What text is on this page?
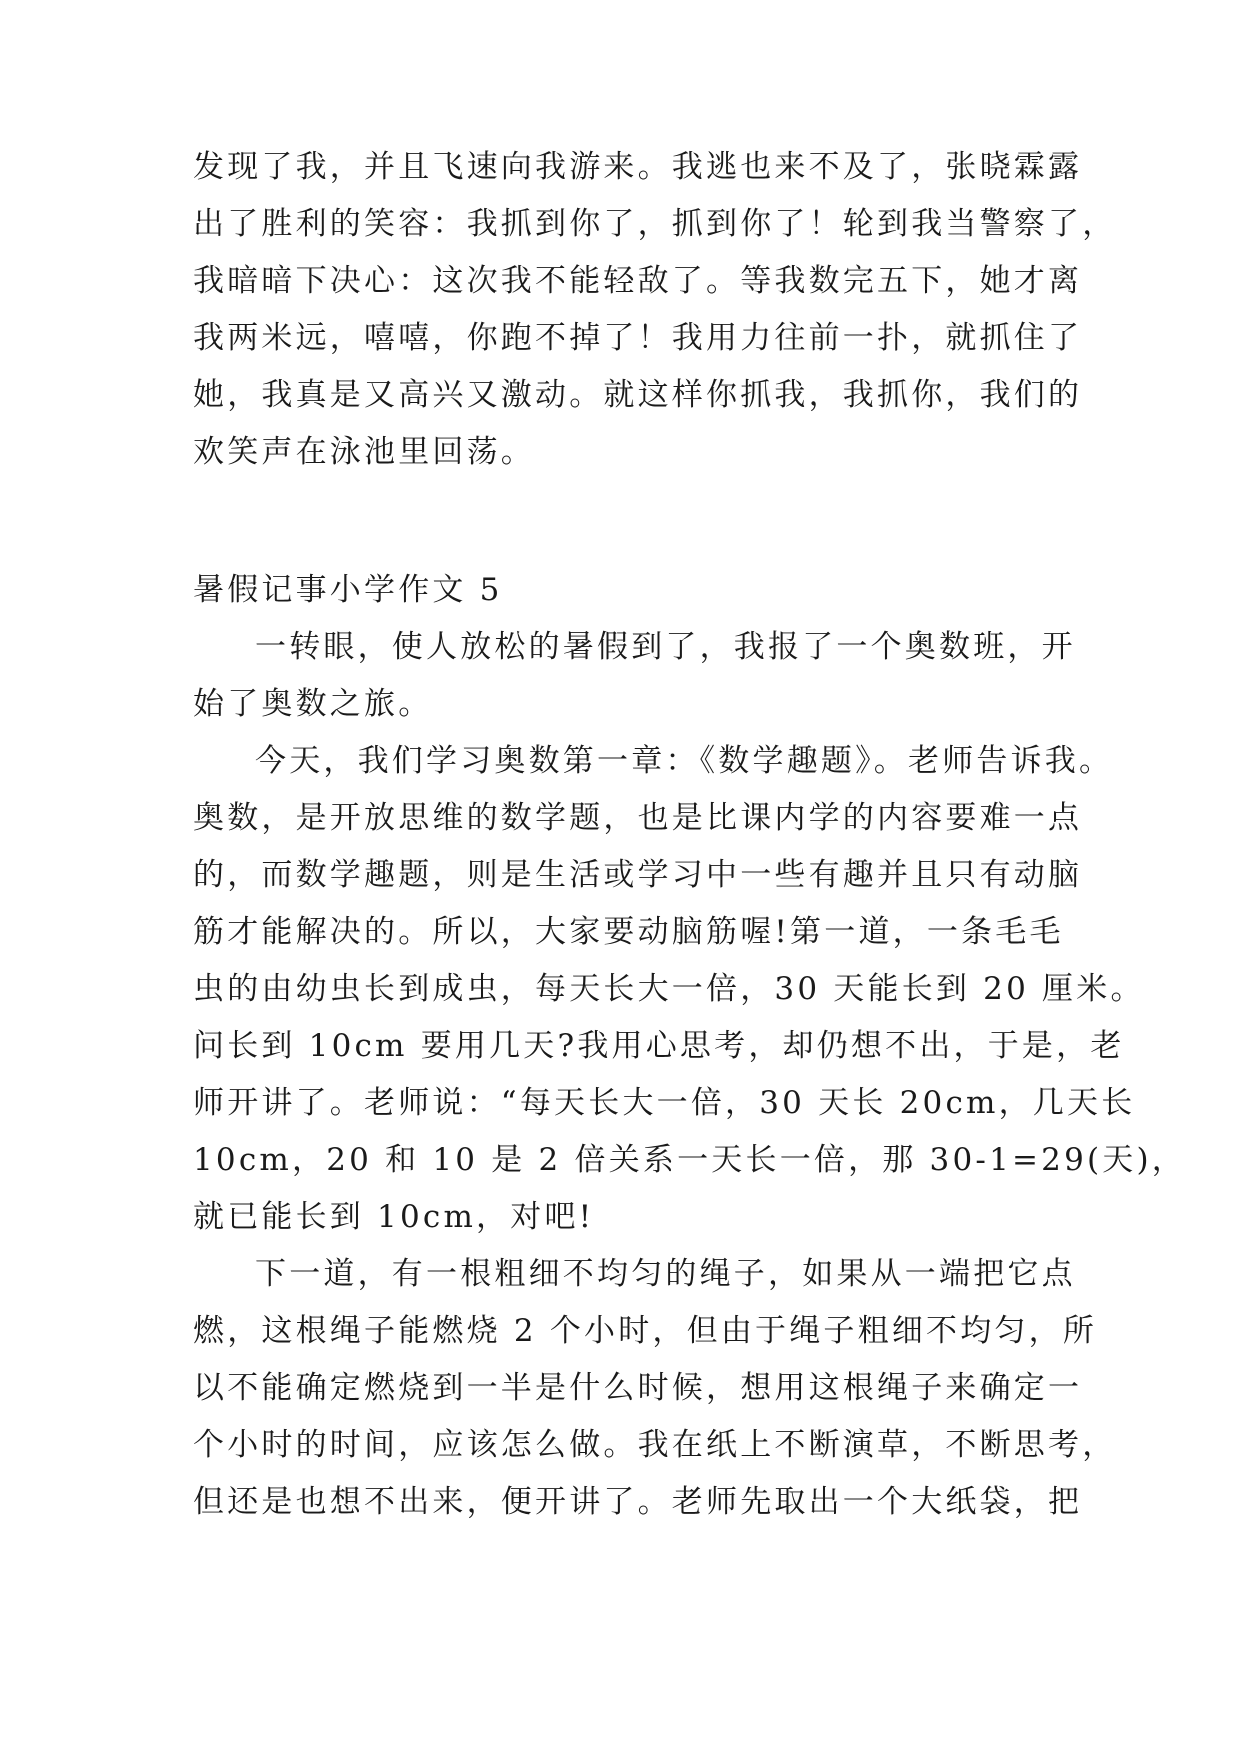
发现了我，并且飞速向我游来。我逃也来不及了，张晓霖露
出了胜利的笑容：我抓到你了，抓到你了！轮到我当警察了，
我暗暗下决心：这次我不能轻敌了。等我数完五下，她才离
我两米远，嘻嘻，你跑不掉了！我用力往前一扑，就抓住了
她，我真是又高兴又激动。就这样你抓我，我抓你，我们的
欢笑声在泳池里回荡。
暑假记事小学作文 5
一转眼，使人放松的暑假到了，我报了一个奥数班，开
始了奥数之旅。
今天，我们学习奥数第一章：《数学趣题》。老师告诉我。
奥数，是开放思维的数学题，也是比课内学的内容要难一点
的，而数学趣题，则是生活或学习中一些有趣并且只有动脑
筋才能解决的。所以，大家要动脑筋喔!第一道，一条毛毛
虫的由幼虫长到成虫，每天长大一倍，30 天能长到 20 厘米。
问长到 10cm 要用几天?我用心思考，却仍想不出，于是，老
师开讲了。老师说：“每天长大一倍，30 天长 20cm，几天长
10cm，20 和 10 是 2 倍关系一天长一倍，那 30-1=29(天)，
就已能长到 10cm，对吧!
下一道，有一根粗细不均匀的绳子，如果从一端把它点
燃，这根绳子能燃烧 2 个小时，但由于绳子粗细不均匀，所
以不能确定燃烧到一半是什么时候，想用这根绳子来确定一
个小时的时间，应该怎么做。我在纸上不断演草，不断思考，
但还是也想不出来，便开讲了。老师先取出一个大纸袋，把
